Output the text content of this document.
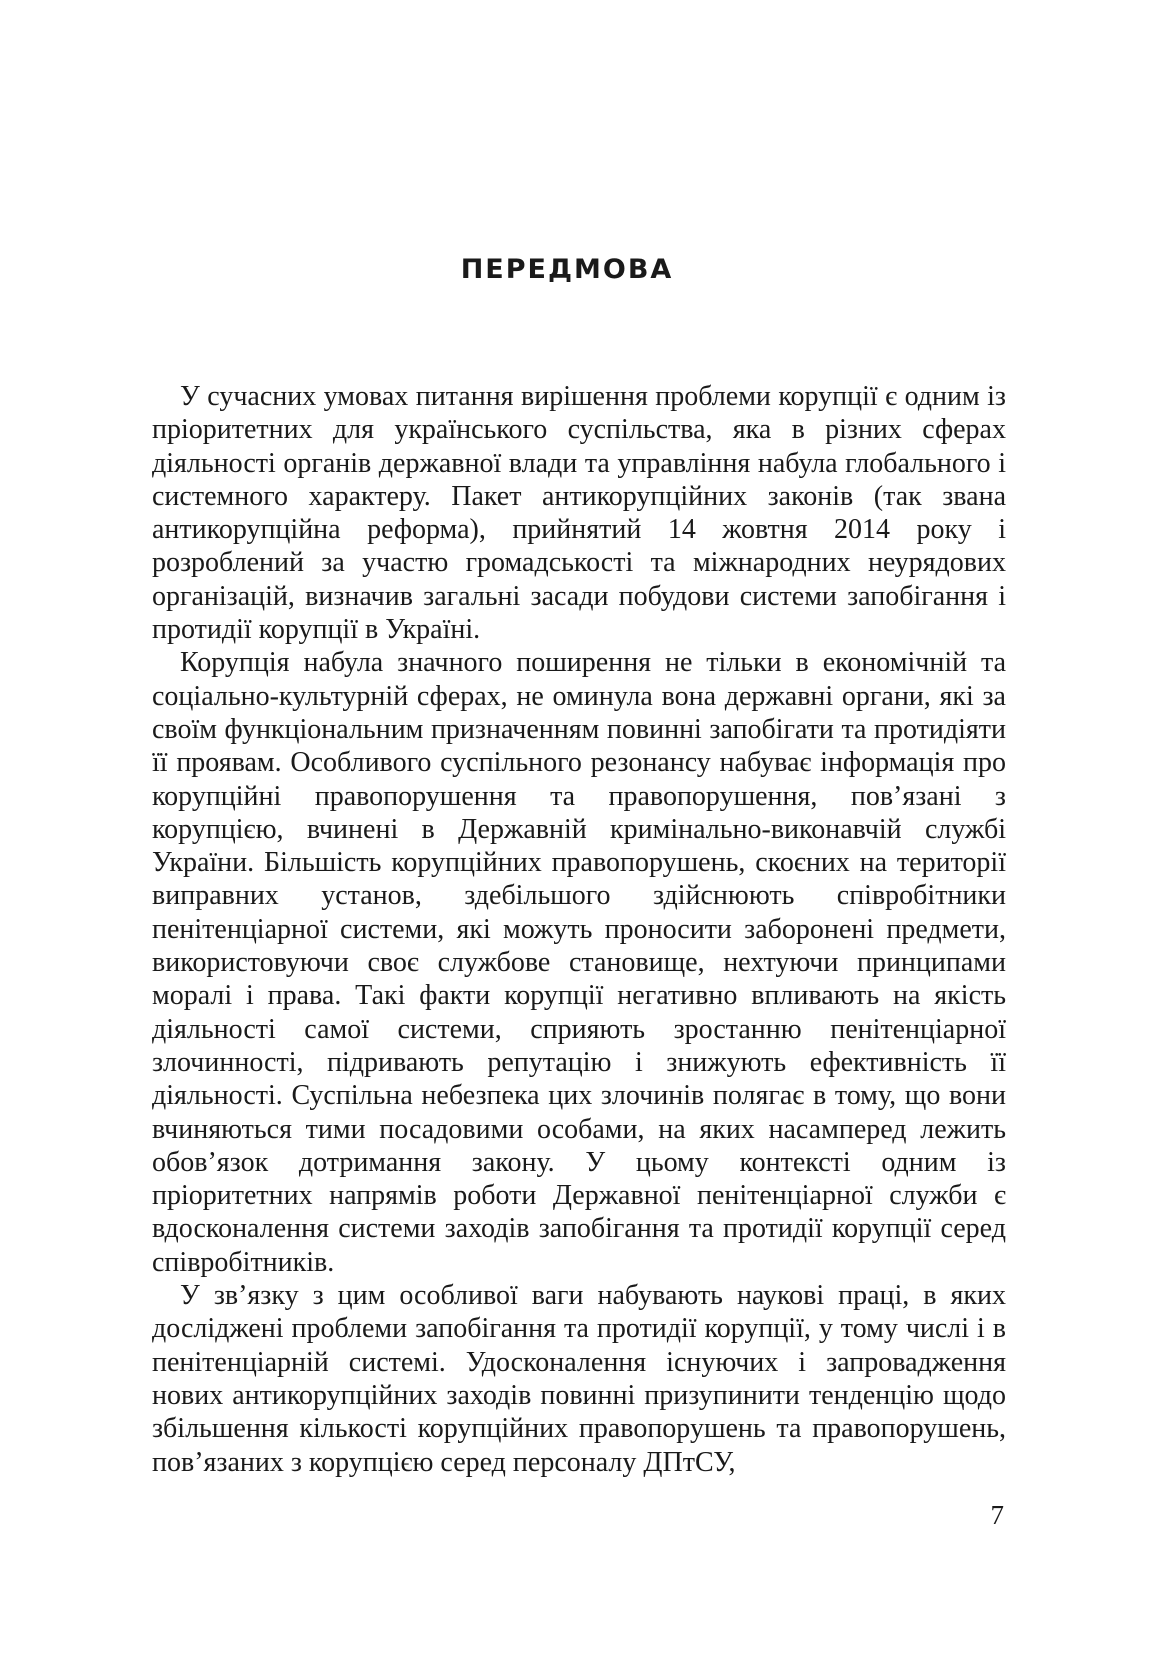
ПЕРЕДМОВА

У сучасних умовах питання вирішення проблеми корупції є одним із пріоритетних для українського суспільства, яка в різних сферах діяльності органів державної влади та управління набула глобального і системного характеру. Пакет антикорупційних законів (так звана антикорупційна реформа), прийнятий 14 жовтня 2014 року і розроблений за участю громадськості та міжнародних неурядових організацій, визначив загальні засади побудови системи запобігання і протидії корупції в Україні.

Корупція набула значного поширення не тільки в економічній та соціально-культурній сферах, не оминула вона державні органи, які за своїм функціональним призначенням повинні запобігати та протидіяти її проявам. Особливого суспільного резонансу набуває інформація про корупційні правопорушення та правопорушення, пов’язані з корупцією, вчинені в Державній кримінально-виконавчій службі України. Більшість корупційних правопорушень, скоєних на території виправних установ, здебільшого здійснюють співробітники пенітенціарної системи, які можуть проносити заборонені предмети, використовуючи своє службове становище, нехтуючи принципами моралі і права. Такі факти корупції негативно впливають на якість діяльності самої системи, сприяють зростанню пенітенціарної злочинності, підривають репутацію і знижують ефективність її діяльності. Суспільна небезпека цих злочинів полягає в тому, що вони вчиняються тими посадовими особами, на яких насамперед лежить обов’язок дотримання закону. У цьому контексті одним із пріоритетних напрямів роботи Державної пенітенціарної служби є вдосконалення системи заходів запобігання та протидії корупції серед співробітників.

У зв’язку з цим особливої ваги набувають наукові праці, в яких досліджені проблеми запобігання та протидії корупції, у тому числі і в пенітенціарній системі. Удосконалення існуючих і запровадження нових антикорупційних заходів повинні призупинити тенденцію щодо збільшення кількості корупційних правопорушень та правопорушень, пов’язаних з корупцією серед персоналу ДПтСУ,

7
